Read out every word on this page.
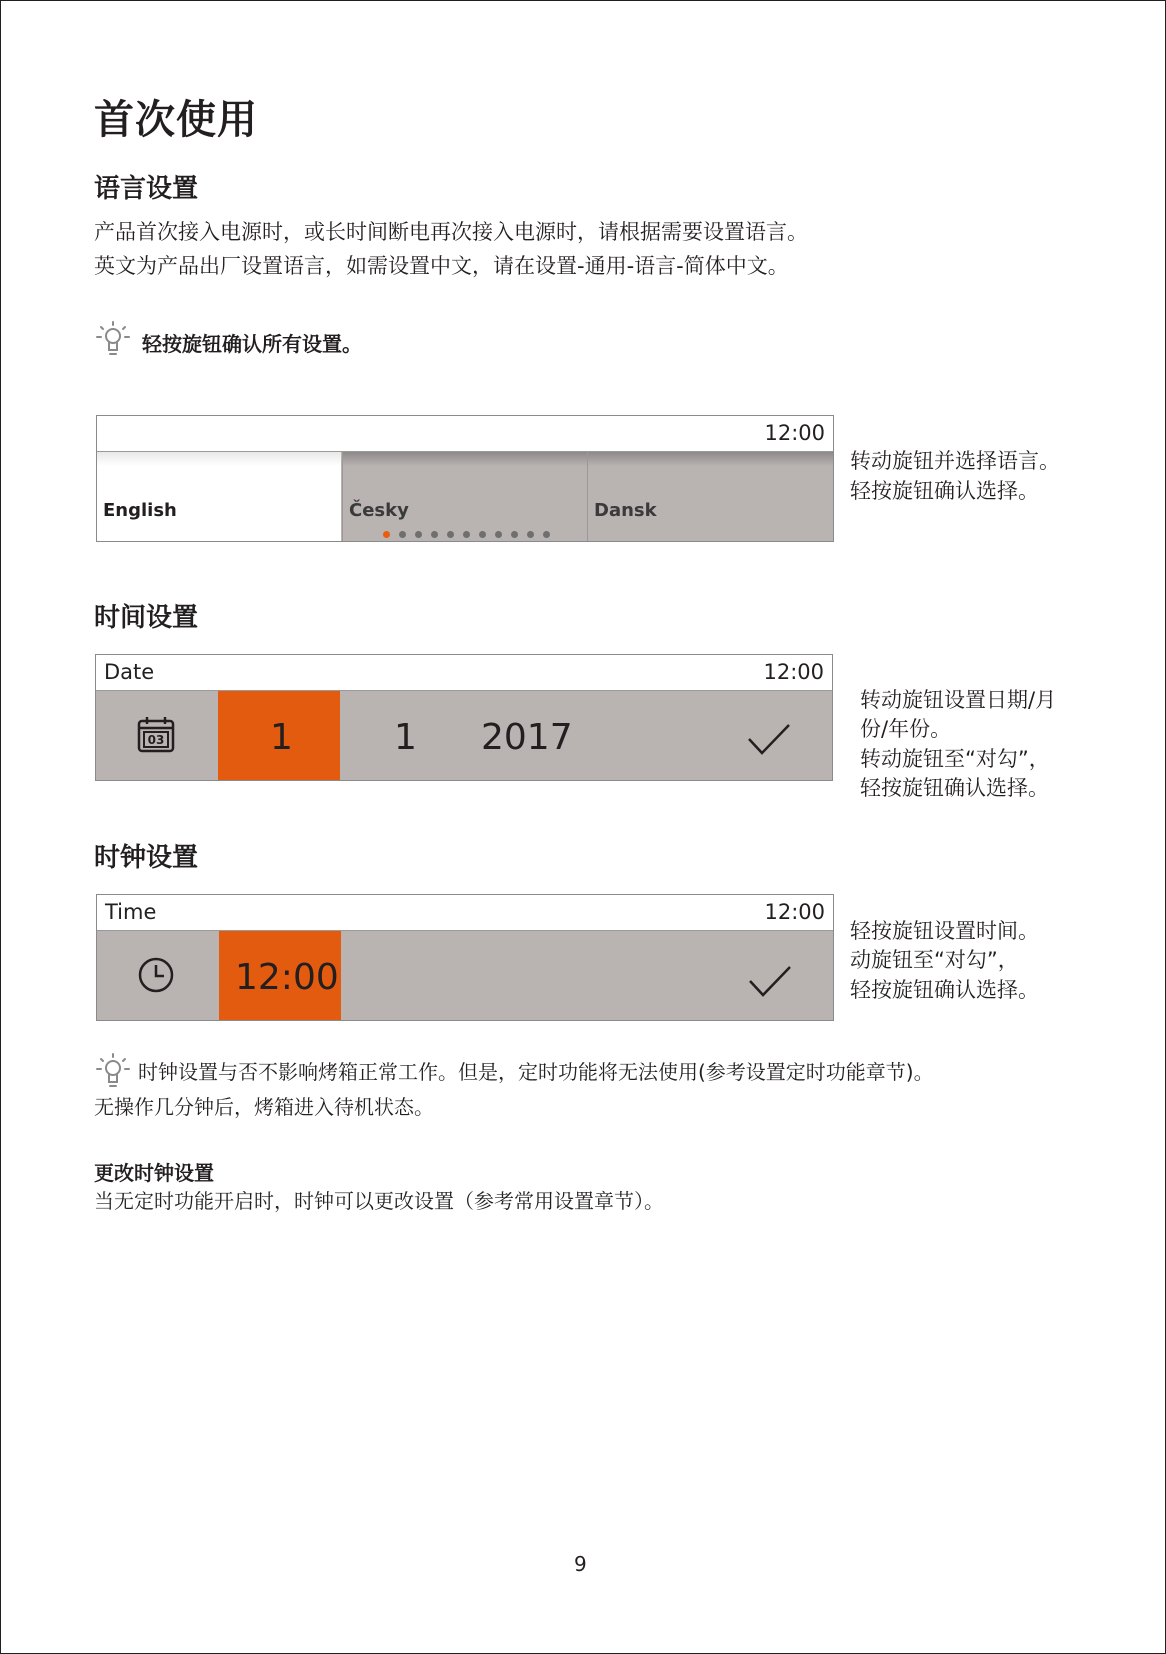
首次使用
语言设置
产品首次接入电源时，或长时间断电再次接入电源时，请根据需要设置语言。
英文为产品出厂设置语言，如需设置中文，请在设置-通用-语言-简体中文。
轻按旋钮确认所有设置。
12:00
English	Česky	Dansk
转动旋钮并选择语言。
轻按旋钮确认选择。
时间设置
Date	12:00
03	1	1 2017
转动旋钮设置日期/月
份/年份。
转动旋钮至“对勾”，
轻按旋钮确认选择。
时钟设置
Time	12:00
12:00
轻按旋钮设置时间。
动旋钮至“对勾”，
轻按旋钮确认选择。
时钟设置与否不影响烤箱正常工作。但是，定时功能将无法使用(参考设置定时功能章节)。
无操作几分钟后，烤箱进入待机状态。
更改时钟设置
当无定时功能开启时，时钟可以更改设置（参考常用设置章节）。
9
